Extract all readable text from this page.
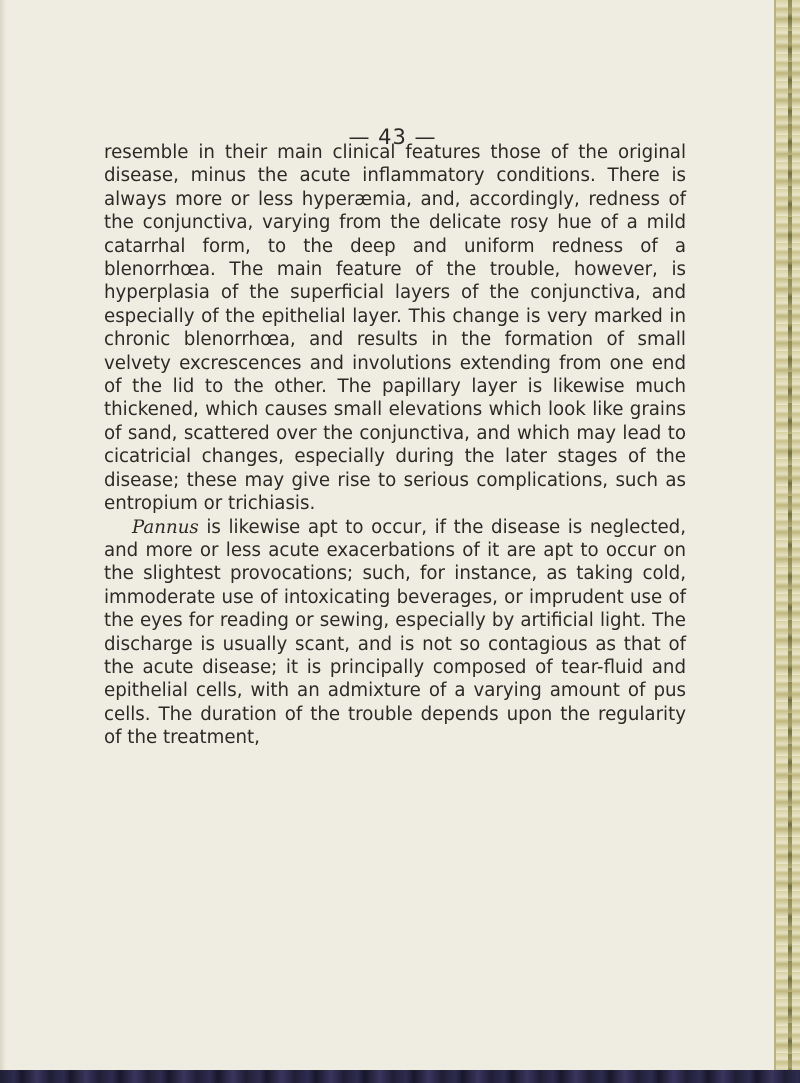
— 43 —

resemble in their main clinical features those of the original disease, minus the acute inflammatory conditions. There is always more or less hyperæmia, and, accordingly, redness of the conjunctiva, varying from the delicate rosy hue of a mild catarrhal form, to the deep and uniform redness of a blenorrhœa. The main feature of the trouble, however, is hyperplasia of the superficial layers of the conjunctiva, and especially of the epithelial layer. This change is very marked in chronic blenorrhœa, and results in the formation of small velvety excrescences and involutions extending from one end of the lid to the other. The papillary layer is likewise much thickened, which causes small elevations which look like grains of sand, scattered over the conjunctiva, and which may lead to cicatricial changes, especially during the later stages of the disease; these may give rise to serious complications, such as entropium or trichiasis.

Pannus is likewise apt to occur, if the disease is neglected, and more or less acute exacerbations of it are apt to occur on the slightest provocations; such, for instance, as taking cold, immoderate use of intoxicating beverages, or imprudent use of the eyes for reading or sewing, especially by artificial light. The discharge is usually scant, and is not so contagious as that of the acute disease; it is principally composed of tear-fluid and epithelial cells, with an admixture of a varying amount of pus cells. The duration of the trouble depends upon the regularity of the treatment,
